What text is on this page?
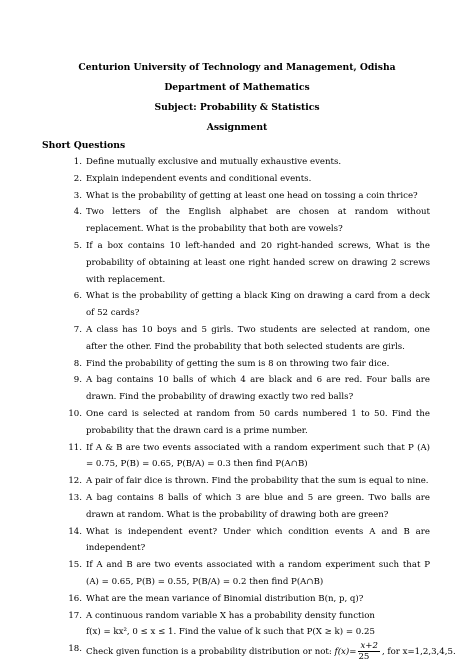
Centurion University of Technology and Management, Odisha
Department of Mathematics
Subject: Probability & Statistics
Assignment
Short Questions
1. Define mutually exclusive and mutually exhaustive events.
2. Explain independent events and conditional events.
3. What is the probability of getting at least one head on tossing a coin thrice?
4. Two letters of the English alphabet are chosen at random without replacement. What is the probability that both are vowels?
5. If a box contains 10 left-handed and 20 right-handed screws, What is the probability of obtaining at least one right handed screw on drawing 2 screws with replacement.
6. What is the probability of getting a black King on drawing a card from a deck of 52 cards?
7. A class has 10 boys and 5 girls. Two students are selected at random, one after the other. Find the probability that both selected students are girls.
8. Find the probability of getting the sum is 8 on throwing two fair dice.
9. A bag contains 10 balls of which 4 are black and 6 are red. Four balls are drawn. Find the probability of drawing exactly two red balls?
10. One card is selected at random from 50 cards numbered 1 to 50. Find the probability that the drawn card is a prime number.
11. If A & B are two events associated with a random experiment such that P (A) = 0.75, P(B) = 0.65, P(B/A) = 0.3 then find P(A∩B)
12. A pair of fair dice is thrown. Find the probability that the sum is equal to nine.
13. A bag contains 8 balls of which 3 are blue and 5 are green. Two balls are drawn at random. What is the probability of drawing both are green?
14. What is independent event? Under which condition events A and B are independent?
15. If A and B are two events associated with a random experiment such that P (A) = 0.65, P(B) = 0.55, P(B/A) = 0.2 then find P(A∩B)
16. What are the mean variance of Binomial distribution B(n, p, q)?
17. A continuous random variable X has a probability density function
f(x) = kx², 0 ≤ x ≤ 1. Find the value of k such that P(X ≥ k) = 0.25
18. Check given function is a probability distribution or not: $f(x)= \frac{x+2}{25}$ , for x=1,2,3,4,5.
